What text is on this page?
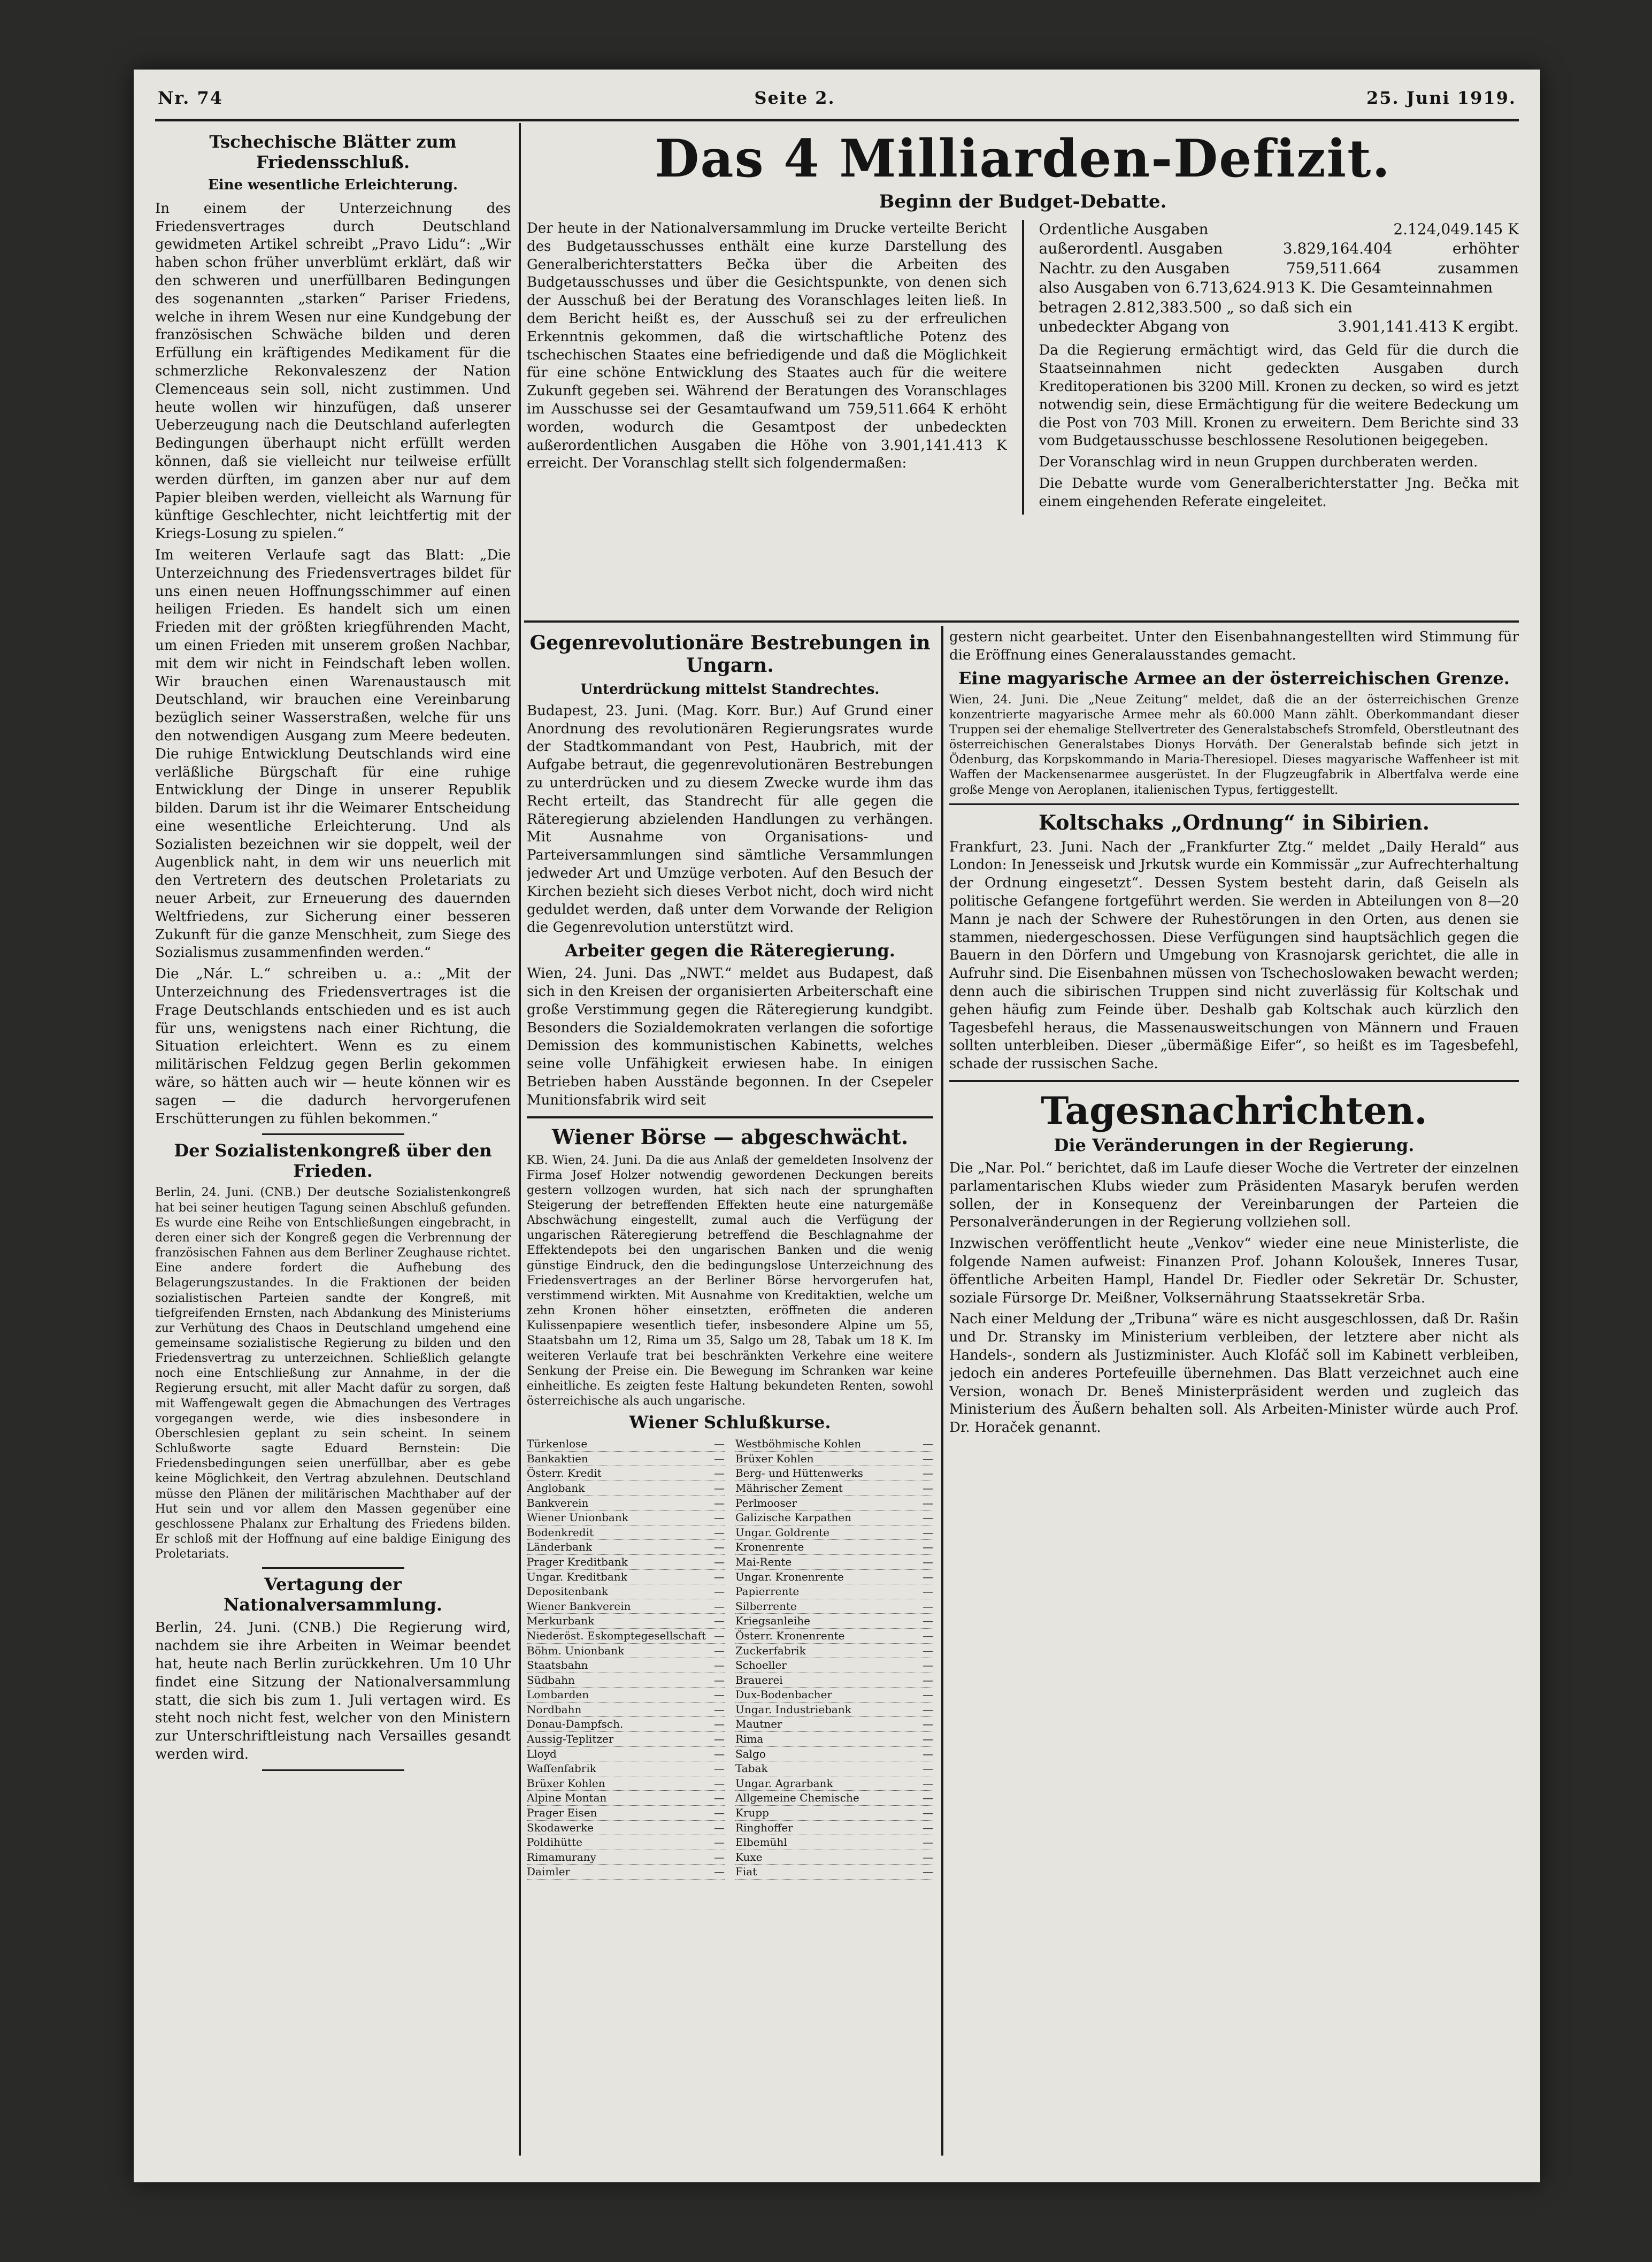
Nr. 74	Seite 2.	25. Juni 1919.
Tschechische Blätter zum Friedensschluß.
Eine wesentliche Erleichterung.

In einem der Unterzeichnung des Friedensvertrages durch Deutschland gewidmeten Artikel schreibt „Pravo Lidu“: „Wir haben schon früher unverblümt erklärt, daß wir den schweren und unerfüllbaren Bedingungen des sogenannten „starken“ Pariser Friedens, welche in ihrem Wesen nur eine Kundgebung der französischen Schwäche bilden und deren Erfüllung ein kräftigendes Medikament für die schmerzliche Rekonvaleszenz der Nation Clemenceaus sein soll, nicht zustimmen. Und heute wollen wir hinzufügen, daß unserer Ueberzeugung nach die Deutschland auferlegten Bedingungen überhaupt nicht erfüllt werden können, daß sie vielleicht nur teilweise erfüllt werden dürften, im ganzen aber nur auf dem Papier bleiben werden, vielleicht als Warnung für künftige Geschlechter, nicht leichtfertig mit der Kriegs-Losung zu spielen.“

Im weiteren Verlaufe sagt das Blatt: „Die Unterzeichnung des Friedensvertrages bildet für uns einen neuen Hoffnungsschimmer auf einen heiligen Frieden. Es handelt sich um einen Frieden mit der größten kriegführenden Macht, um einen Frieden mit unserem großen Nachbar, mit dem wir nicht in Feindschaft leben wollen. Wir brauchen einen Warenaustausch mit Deutschland, wir brauchen eine Vereinbarung bezüglich seiner Wasserstraßen, welche für uns den notwendigen Ausgang zum Meere bedeuten. Die ruhige Entwicklung Deutschlands wird eine verläßliche Bürgschaft für eine ruhige Entwicklung der Dinge in unserer Republik bilden. Darum ist ihr die Weimarer Entscheidung eine wesentliche Erleichterung. Und als Sozialisten bezeichnen wir sie doppelt, weil der Augenblick naht, in dem wir uns neuerlich mit den Vertretern des deutschen Proletariats zu neuer Arbeit, zur Erneuerung des dauernden Weltfriedens, zur Sicherung einer besseren Zukunft für die ganze Menschheit, zum Siege des Sozialismus zusammenfinden werden.“

Die „Nár. L.“ schreiben u. a.: „Mit der Unterzeichnung des Friedensvertrages ist die Frage Deutschlands entschieden und es ist auch für uns, wenigstens nach einer Richtung, die Situation erleichtert. Wenn es zu einem militärischen Feldzug gegen Berlin gekommen wäre, so hätten auch wir — heute können wir es sagen — die dadurch hervorgerufenen Erschütterungen zu fühlen bekommen.“

Der Sozialistenkongreß über den Frieden.

Berlin, 24. Juni. (CNB.) Der deutsche Sozialistenkongreß hat bei seiner heutigen Tagung seinen Abschluß gefunden. Es wurde eine Reihe von Entschließungen eingebracht, in deren einer sich der Kongreß gegen die Verbrennung der französischen Fahnen aus dem Berliner Zeughause richtet. Eine andere fordert die Aufhebung des Belagerungszustandes. In die Fraktionen der beiden sozialistischen Parteien sandte der Kongreß, mit tiefgreifenden Ernsten, nach Abdankung des Ministeriums zur Verhütung des Chaos in Deutschland umgehend eine gemeinsame sozialistische Regierung zu bilden und den Friedensvertrag zu unterzeichnen. Schließlich gelangte noch eine Entschließung zur Annahme, in der die Regierung ersucht, mit aller Macht dafür zu sorgen, daß mit Waffengewalt gegen die Abmachungen des Vertrages vorgegangen werde, wie dies insbesondere in Oberschlesien geplant zu sein scheint. In seinem Schlußworte sagte Eduard Bernstein: Die Friedensbedingungen seien unerfüllbar, aber es gebe keine Möglichkeit, den Vertrag abzulehnen. Deutschland müsse den Plänen der militärischen Machthaber auf der Hut sein und vor allem den Massen gegenüber eine geschlossene Phalanx zur Erhaltung des Friedens bilden. Er schloß mit der Hoffnung auf eine baldige Einigung des Proletariats.

Vertagung der Nationalversammlung.

Berlin, 24. Juni. (CNB.) Die Regierung wird, nachdem sie ihre Arbeiten in Weimar beendet hat, heute nach Berlin zurückkehren. Um 10 Uhr findet eine Sitzung der Nationalversammlung statt, die sich bis zum 1. Juli vertagen wird. Es steht noch nicht fest, welcher von den Ministern zur Unterschriftleistung nach Versailles gesandt werden wird.

Das 4 Milliarden-Defizit.
Beginn der Budget-Debatte.

Der heute in der Nationalversammlung im Drucke verteilte Bericht des Budgetausschusses enthält eine kurze Darstellung des Generalberichterstatters Bečka über die Arbeiten des Budgetausschusses und über die Gesichtspunkte, von denen sich der Ausschuß bei der Beratung des Voranschlages leiten ließ. In dem Bericht heißt es, der Ausschuß sei zu der erfreulichen Erkenntnis gekommen, daß die wirtschaftliche Potenz des tschechischen Staates eine befriedigende und daß die Möglichkeit für eine schöne Entwicklung des Staates auch für die weitere Zukunft gegeben sei. Während der Beratungen des Voranschlages im Ausschusse sei der Gesamtaufwand um 759,511.664 K erhöht worden, wodurch die Gesamtpost der unbedeckten außerordentlichen Ausgaben die Höhe von 3.901,141.413 K erreicht. Der Voranschlag stellt sich folgendermaßen:

Ordentliche Ausgaben	2.124,049.145 K
außerordentl. Ausgaben	3.829,164.404	erhöhter
Nachtr. zu den Ausgaben	759,511.664	zusammen
also Ausgaben von 6.713,624.913 K. Die Gesamteinnahmen betragen 2.812,383.500 „ so daß sich ein
unbedeckter Abgang von	3.901,141.413 K ergibt.

Da die Regierung ermächtigt wird, das Geld für die durch die Staatseinnahmen nicht gedeckten Ausgaben durch Kreditoperationen bis 3200 Mill. Kronen zu decken, so wird es jetzt notwendig sein, diese Ermächtigung für die weitere Bedeckung um die Post von 703 Mill. Kronen zu erweitern. Dem Berichte sind 33 vom Budgetausschusse beschlossene Resolutionen beigegeben.

Der Voranschlag wird in neun Gruppen durchberaten werden.

Die Debatte wurde vom Generalberichterstatter Jng. Bečka mit einem eingehenden Referate eingeleitet.

Gegenrevolutionäre Bestrebungen in Ungarn.
Unterdrückung mittelst Standrechtes.

Budapest, 23. Juni. (Mag. Korr. Bur.) Auf Grund einer Anordnung des revolutionären Regierungsrates wurde der Stadtkommandant von Pest, Haubrich, mit der Aufgabe betraut, die gegenrevolutionären Bestrebungen zu unterdrücken und zu diesem Zwecke wurde ihm das Recht erteilt, das Standrecht für alle gegen die Räteregierung abzielenden Handlungen zu verhängen. Mit Ausnahme von Organisations- und Parteiversammlungen sind sämtliche Versammlungen jedweder Art und Umzüge verboten. Auf den Besuch der Kirchen bezieht sich dieses Verbot nicht, doch wird nicht geduldet werden, daß unter dem Vorwande der Religion die Gegenrevolution unterstützt wird.

Arbeiter gegen die Räteregierung.

Wien, 24. Juni. Das „NWT.“ meldet aus Budapest, daß sich in den Kreisen der organisierten Arbeiterschaft eine große Verstimmung gegen die Räteregierung kundgibt. Besonders die Sozialdemokraten verlangen die sofortige Demission des kommunistischen Kabinetts, welches seine volle Unfähigkeit erwiesen habe. In einigen Betrieben haben Ausstände begonnen. In der Csepeler Munitionsfabrik wird seit

Wiener Börse — abgeschwächt.

KB. Wien, 24. Juni. Da die aus Anlaß der gemeldeten Insolvenz der Firma Josef Holzer notwendig gewordenen Deckungen bereits gestern vollzogen wurden, hat sich nach der sprunghaften Steigerung der betreffenden Effekten heute eine naturgemäße Abschwächung eingestellt, zumal auch die Verfügung der ungarischen Räteregierung betreffend die Beschlagnahme der Effektendepots bei den ungarischen Banken und die wenig günstige Eindruck, den die bedingungslose Unterzeichnung des Friedensvertrages an der Berliner Börse hervorgerufen hat, verstimmend wirkten. Mit Ausnahme von Kreditaktien, welche um zehn Kronen höher einsetzten, eröffneten die anderen Kulissenpapiere wesentlich tiefer, insbesondere Alpine um 55, Staatsbahn um 12, Rima um 35, Salgo um 28, Tabak um 18 K. Im weiteren Verlaufe trat bei beschränkten Verkehre eine weitere Senkung der Preise ein. Die Bewegung im Schranken war keine einheitliche. Es zeigten feste Haltung bekundeten Renten, sowohl österreichische als auch ungarische.

Wiener Schlußkurse.
Türkenlose	—
Bankaktien	—
Österr. Kredit	—
Anglobank	—
Bankverein	—
Wiener Unionbank	—
Bodenkredit	—
Länderbank	—
Prager Kreditbank	—
Ungar. Kreditbank	—
Depositenbank	—
Wiener Bankverein	—
Merkurbank	—
Niederöst. Eskomptegesellschaft —
Böhm. Unionbank	—
Staatsbahn	—
Südbahn	—
Lombarden	—
Nordbahn	—
Donau-Dampfsch.	—
Aussig-Teplitzer	—
Lloyd	—
Waffenfabrik	—
Brüxer Kohlen	—
Alpine Montan	—
Prager Eisen	—
Skodawerke	—
Poldihütte	—
Rimamurany	—
Daimler	—
Westböhmische Kohlen	—
Brüxer Kohlen	—
Berg- und Hüttenwerks	—
Mährischer Zement	—
Perlmooser	—
Galizische Karpathen	—
Ungar. Goldrente	—
Kronenrente	—
Mai-Rente	—
Ungar. Kronenrente	—
Papierrente	—
Silberrente	—
Kriegsanleihe	—
Österr. Kronenrente	—
Zuckerfabrik	—
Schoeller	—
Brauerei	—
Dux-Bodenbacher	—
Ungar. Industriebank	—
Mautner	—
Rima	—
Salgo	—
Tabak	—
Ungar. Agrarbank	—
Allgemeine Chemische	—
Krupp	—
Ringhoffer	—
Elbemühl	—
Kuxe	—
Fiat	—

gestern nicht gearbeitet. Unter den Eisenbahnangestellten wird Stimmung für die Eröffnung eines Generalausstandes gemacht.

Eine magyarische Armee an der österreichischen Grenze.

Wien, 24. Juni. Die „Neue Zeitung“ meldet, daß die an der österreichischen Grenze konzentrierte magyarische Armee mehr als 60.000 Mann zählt. Oberkommandant dieser Truppen sei der ehemalige Stellvertreter des Generalstabschefs Stromfeld, Oberstleutnant des österreichischen Generalstabes Dionys Horváth. Der Generalstab befinde sich jetzt in Ödenburg, das Korpskommando in Maria-Theresiopel. Dieses magyarische Waffenheer ist mit Waffen der Mackensenarmee ausgerüstet. In der Flugzeugfabrik in Albertfalva werde eine große Menge von Aeroplanen, italienischen Typus, fertiggestellt.

Koltschaks „Ordnung“ in Sibirien.

Frankfurt, 23. Juni. Nach der „Frankfurter Ztg.“ meldet „Daily Herald“ aus London: In Jenesseisk und Jrkutsk wurde ein Kommissär „zur Aufrechterhaltung der Ordnung eingesetzt“. Dessen System besteht darin, daß Geiseln als politische Gefangene fortgeführt werden. Sie werden in Abteilungen von 8—20 Mann je nach der Schwere der Ruhestörungen in den Orten, aus denen sie stammen, niedergeschossen. Diese Verfügungen sind hauptsächlich gegen die Bauern in den Dörfern und Umgebung von Krasnojarsk gerichtet, die alle in Aufruhr sind. Die Eisenbahnen müssen von Tschechoslowaken bewacht werden; denn auch die sibirischen Truppen sind nicht zuverlässig für Koltschak und gehen häufig zum Feinde über. Deshalb gab Koltschak auch kürzlich den Tagesbefehl heraus, die Massenausweitschungen von Männern und Frauen sollten unterbleiben. Dieser „übermäßige Eifer“, so heißt es im Tagesbefehl, schade der russischen Sache.

Tagesnachrichten.
Die Veränderungen in der Regierung.

Die „Nar. Pol.“ berichtet, daß im Laufe dieser Woche die Vertreter der einzelnen parlamentarischen Klubs wieder zum Präsidenten Masaryk berufen werden sollen, der in Konsequenz der Vereinbarungen der Parteien die Personalveränderungen in der Regierung vollziehen soll.

Inzwischen veröffentlicht heute „Venkov“ wieder eine neue Ministerliste, die folgende Namen aufweist: Finanzen Prof. Johann Koloušek, Inneres Tusar, öffentliche Arbeiten Hampl, Handel Dr. Fiedler oder Sekretär Dr. Schuster, soziale Fürsorge Dr. Meißner, Volksernährung Staatssekretär Srba.

Nach einer Meldung der „Tribuna“ wäre es nicht ausgeschlossen, daß Dr. Rašin und Dr. Stransky im Ministerium verbleiben, der letztere aber nicht als Handels-, sondern als Justizminister. Auch Klofáč soll im Kabinett verbleiben, jedoch ein anderes Portefeuille übernehmen. Das Blatt verzeichnet auch eine Version, wonach Dr. Beneš Ministerpräsident werden und zugleich das Ministerium des Äußern behalten soll. Als Arbeiten-Minister würde auch Prof. Dr. Horaček genannt.
